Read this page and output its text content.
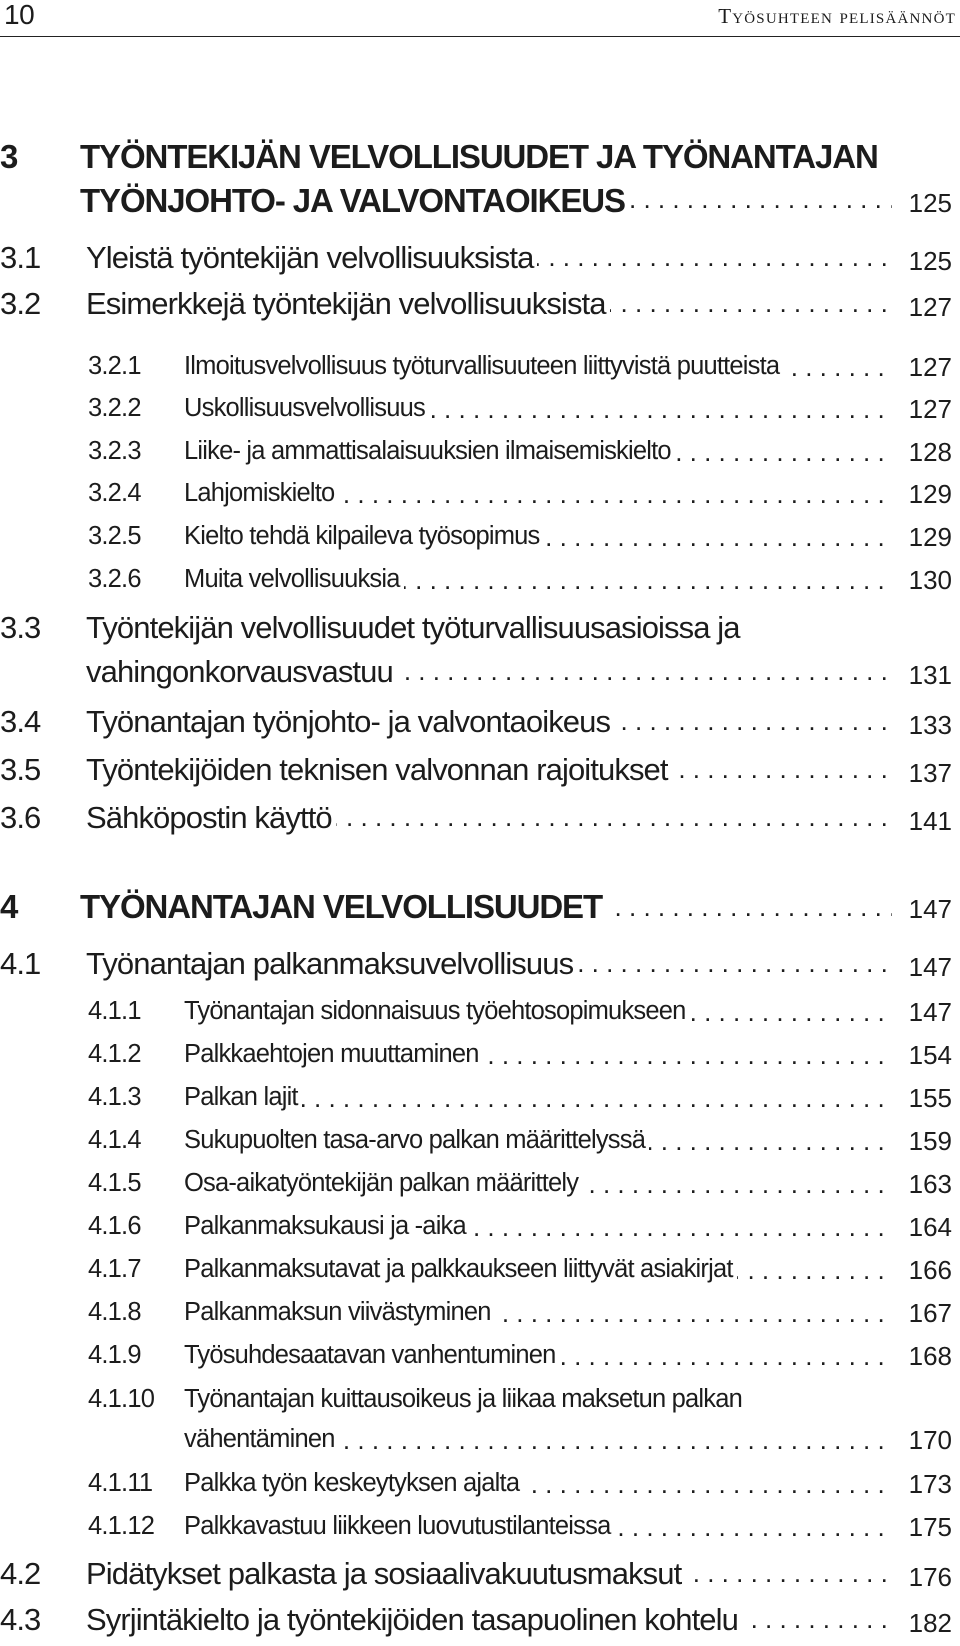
10	Työsuhteen pelisäännöt
3 TYÖNTEKIJÄN VELVOLLISUUDET JA TYÖNANTAJAN
TYÖNJOHTO- JA VALVONTAOIKEUS . . .	125
3.1 Yleistä työntekijän velvollisuuksista . . .	125
3.2 Esimerkkejä työntekijän velvollisuuksista . . .	127
3.2.1 Ilmoitusvelvollisuus työturvallisuuteen liittyvistä puutteista . . .	127
3.2.2 Uskollisuusvelvollisuus . . .	127
3.2.3 Liike- ja ammattisalaisuuksien ilmaisemiskielto . . .	128
3.2.4 Lahjomiskielto . . .	129
3.2.5 Kielto tehdä kilpaileva työsopimus . . .	129
3.2.6 Muita velvollisuuksia . . .	130
3.3 Työntekijän velvollisuudet työturvallisuusasioissa ja
vahingonkorvausvastuu . . .	131
3.4 Työnantajan työnjohto- ja valvontaoikeus . . .	133
3.5 Työntekijöiden teknisen valvonnan rajoitukset . . .	137
3.6 Sähköpostin käyttö . . .	141
4 TYÖNANTAJAN VELVOLLISUUDET . . .	147
4.1 Työnantajan palkanmaksuvelvollisuus . . .	147
4.1.1 Työnantajan sidonnaisuus työehtosopimukseen . . .	147
4.1.2 Palkkaehtojen muuttaminen . . .	154
4.1.3 Palkan lajit . . .	155
4.1.4 Sukupuolten tasa-arvo palkan määrittelyssä . . .	159
4.1.5 Osa-aikatyöntekijän palkan määrittely . . .	163
4.1.6 Palkanmaksukausi ja -aika . . .	164
4.1.7 Palkanmaksutavat ja palkkaukseen liittyvät asiakirjat . . .	166
4.1.8 Palkanmaksun viivästyminen . . .	167
4.1.9 Työsuhdesaatavan vanhentuminen . . .	168
4.1.10 Työnantajan kuittausoikeus ja liikaa maksetun palkan
vähentäminen . . .	170
4.1.11 Palkka työn keskeytyksen ajalta . . .	173
4.1.12 Palkkavastuu liikkeen luovutustilanteissa . . .	175
4.2 Pidätykset palkasta ja sosiaalivakuutusmaksut . . .	176
4.3 Syrjintäkielto ja työntekijöiden tasapuolinen kohtelu . . .	182
